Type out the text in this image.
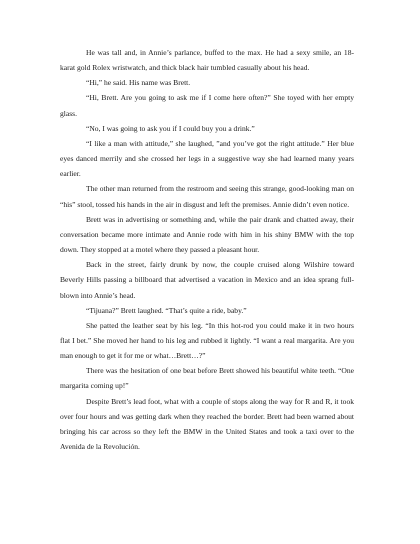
He was tall and, in Annie’s parlance, buffed to the max. He had a sexy smile, an 18-karat gold Rolex wristwatch, and thick black hair tumbled casually about his head.

“Hi,” he said. His name was Brett.

“Hi, Brett. Are you going to ask me if I come here often?” She toyed with her empty glass.

“No, I was going to ask you if I could buy you a drink.”

“I like a man with attitude,” she laughed, ”and you’ve got the right attitude.” Her blue eyes danced merrily and she crossed her legs in a suggestive way she had learned many years earlier.

The other man returned from the restroom and seeing this strange, good-looking man on “his” stool, tossed his hands in the air in disgust and left the premises. Annie didn’t even notice.

Brett was in advertising or something and, while the pair drank and chatted away, their conversation became more intimate and Annie rode with him in his shiny BMW with the top down. They stopped at a motel where they passed a pleasant hour.

Back in the street, fairly drunk by now, the couple cruised along Wilshire toward Beverly Hills passing a billboard that advertised a vacation in Mexico and an idea sprang full-blown into Annie’s head.

“Tijuana?” Brett laughed. “That’s quite a ride, baby.”

She patted the leather seat by his leg. “In this hot-rod you could make it in two hours flat I bet.” She moved her hand to his leg and rubbed it lightly. “I want a real margarita. Are you man enough to get it for me or what…Brett…?”

There was the hesitation of one beat before Brett showed his beautiful white teeth. “One margarita coming up!”

Despite Brett’s lead foot, what with a couple of stops along the way for R and R, it took over four hours and was getting dark when they reached the border. Brett had been warned about bringing his car across so they left the BMW in the United States and took a taxi over to the Avenida de la Revolución.
